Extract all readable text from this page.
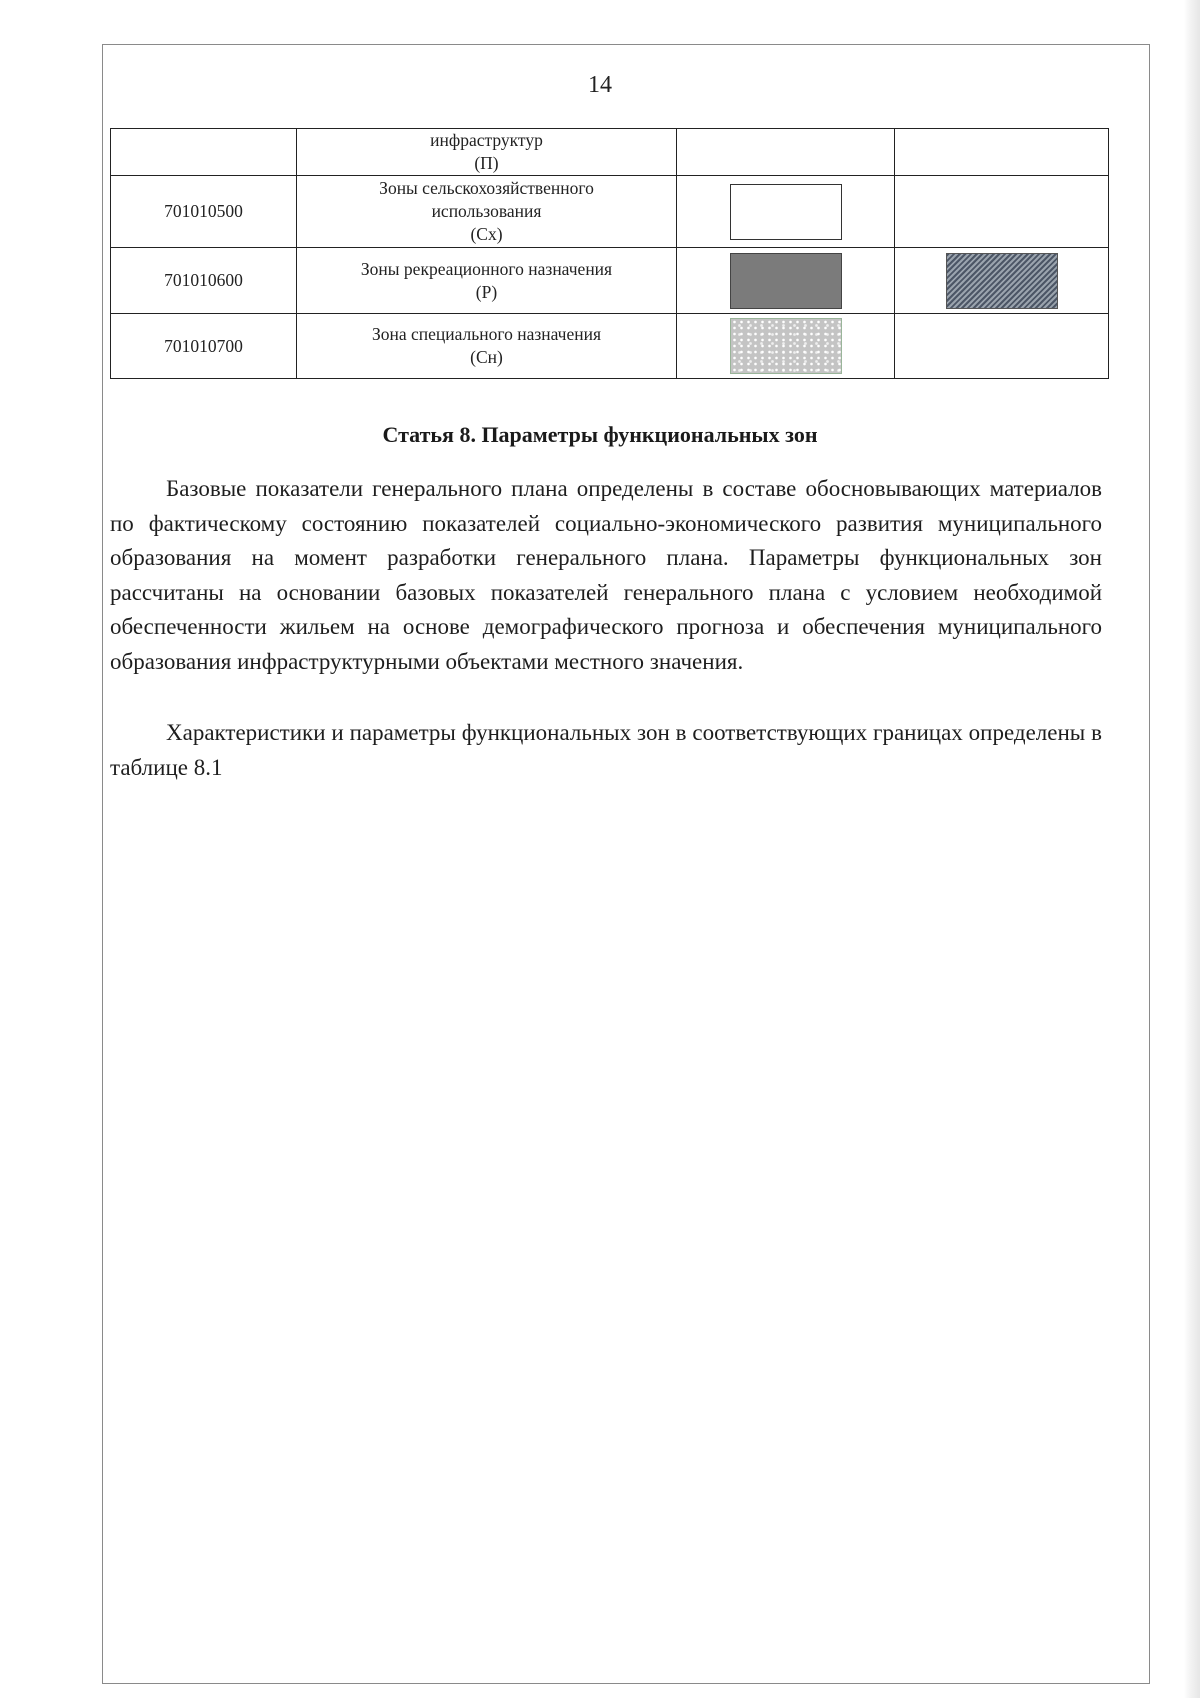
14

	инфраструктур
(П)		

701010500	Зоны сельскохозяйственного
использования
(Сх)		

701010600	Зоны рекреационного назначения
(Р)		

701010700	Зона специального назначения
(Сн)		

Статья 8. Параметры функциональных зон

Базовые показатели генерального плана определены в составе обосновывающих материалов по фактическому состоянию показателей социально-экономического развития муниципального образования на момент разработки генерального плана. Параметры функциональных зон рассчитаны на основании базовых показателей генерального плана с условием необходимой обеспеченности жильем на основе демографического прогноза и обеспечения муниципального образования инфраструктурными объектами местного значения.

Характеристики и параметры функциональных зон в соответствующих границах определены в таблице 8.1
